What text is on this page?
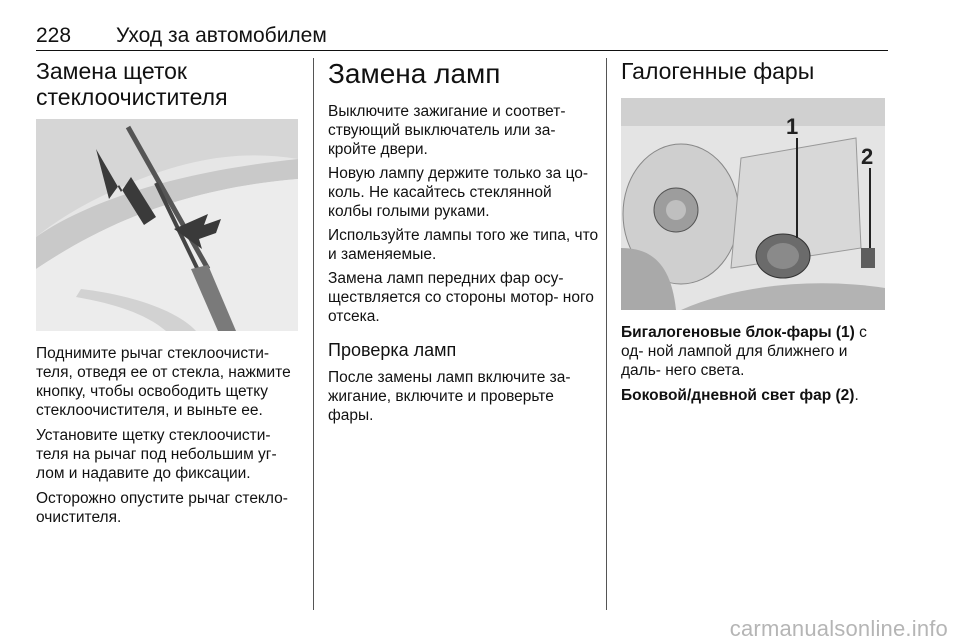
228 Уход за автомобилем
Замена щеток стеклоочистителя

Поднимите рычаг стеклоочисти- теля, отведя ее от стекла, нажмите кнопку, чтобы освободить щетку стеклоочистителя, и выньте ее.

Установите щетку стеклоочисти- теля на рычаг под небольшим уг- лом и надавите до фиксации.

Осторожно опустите рычаг стекло- очистителя.

Замена ламп

Выключите зажигание и соответ- ствующий выключатель или за- кройте двери.

Новую лампу держите только за цо- коль. Не касайтесь стеклянной колбы голыми руками.

Используйте лампы того же типа, что и заменяемые.

Замена ламп передних фар осу- ществляется со стороны мотор- ного отсека.

Проверка ламп

После замены ламп включите за- жигание, включите и проверьте фары.

Галогенные фары
1
2

Бигалогеновые блок-фары (1) с од- ной лампой для ближнего и даль- него света.

Боковой/дневной свет фар (2).

carmanualsonline.info
